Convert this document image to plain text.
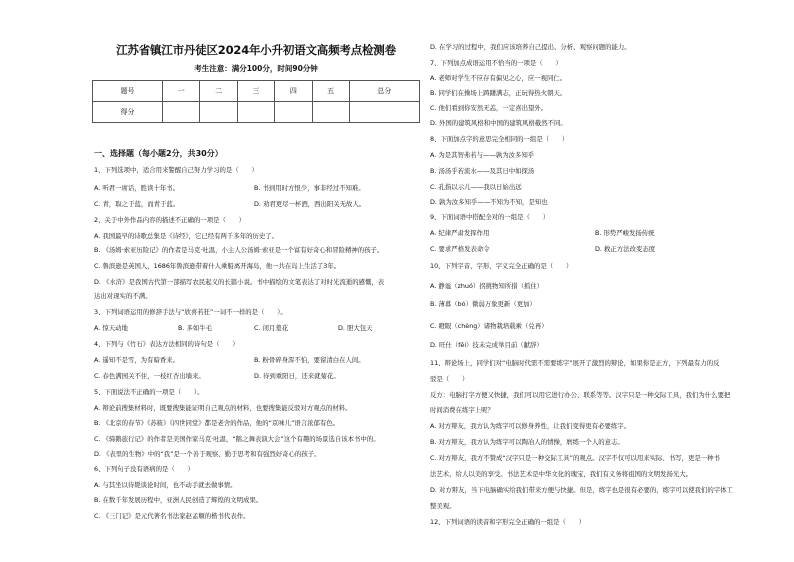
江苏省镇江市丹徒区2024年小升初语文高频考点检测卷
考生注意：满分100分，时间90分钟
题号	一	二	三	四	五	总分
得分						
一、选择题（每小题2分，共30分）
1、下列选项中，适合用来警醒自己努力学习的是（　　）
A. 听君一席话，胜读十年书。
C. 青，取之于蓝，而青于蓝。
B. 书到用时方恨少，事非经过不知难。
D. 劝君更尽一杯酒，西出阳关无故人。
2、关于中外作品内容的描述不正确的一项是（　　）
A. 我国最早的诗歌总集是《诗经》，它已经有两千多年的历史了。
B. 《汤姆·索亚历险记》的作者是马克·吐温，小主人公汤姆·索亚是一个富有好奇心和冒险精神的孩子。
C. 鲁滨逊是英国人，1686年鲁滨逊带着什人乘船离开海岛，他一共在岛上生活了3年。
D. 《水浒》是我国古代第一部描写农民起义的长篇小说。书中描绘的文笔表达了对时光流逝的感慨，表
达出对现实的不满。
3、下列词语运用的修辞手法与“欣喜若狂”一词不一样的是（　　）。
A. 惊天动地	B. 多如牛毛	C. 闭月羞花	D. 胆大包天
4、下列与《竹石》表达方法相同的诗句是（　　）
A. 遥知不是雪，为有暗香来。	B. 粉骨碎身浑不怕，要留清白在人间。
C. 春色满园关不住，一枝红杏出墙来。	D. 待到重阳日，还来就菊花。
5、下面说法不正确的一项是（　　）。
A. 辩论前搜集材料时，既要搜集能证明自己观点的材料，也要搜集能反驳对方观点的材料。
B. 《北京的春节》《苏筱》《四世同堂》都是老舍的作品，他的“京味儿”语言浓郁有色。
C. 《骑鹅旅行记》的作者是美国作家马克·吐温，“鹅之舞表演大会”这个有趣的场景选自该本书中的。
D. 《表里的生物》中的“我”是一个善于观察、勤于思考和有强烈好奇心的孩子。
6、下列句子没有语病的是（　　）
A. 与其坐以待毙谈论时间，也不动手就去做事情。
B. 在数千年发展历程中，亚洲人民创造了辉煌的文明成果。
C. 《三门记》是元代著名书法家赵孟頫的楷书代表作。
D. 在学习的过程中，我们应该培养自己提出、分析、观察问题的能力。
7、下列加点成语运用不恰当的一项是（　　）
A. 老师对学生不应存有偏见之心，应一视同仁。
B. 同学们在操场上踌躇满志，正玩得热火朝天。
C. 他们看到你安然无恙，一定喜出望外。
D. 外国的建筑风格和中国的建筑风格截然不同。
8、下面加点字的意思完全相同的一组是（　　）
A. 为是其智弗若与——孰为汝多知乎
B. 汤汤乎若流水——及其日中如探汤
C. 孔指以示儿——我以日始出远
D. 孰为汝多知乎——不知为不知，是知也
9、下面词语中搭配全对的一组是（　　）
A. 纪律严肃发挥作用	B. 形势严峻发扬传统
C. 要求严格发表命令	D. 救正方法改变态度
10、下列字音、字形、字义完全正确的是（　　）
A. 静谧（zhuó）拐挑物知所措（抓住）
B. 薄暮（bó）微弱万象更新（更加）
C. 瞪眼（chèng）诸物栽培载乘（兑再）
D. 旺仕（fěi）技未完成举目前（献辞）
11、辩论场上，同学们对“电脑时代需不需要练字”展开了激烈的辩论，如果你是正方，下列最有力的反
驳是（　　）
反方：电脑打字方便又快捷，我们可以用它进行办公、联系等等。汉字只是一种交际工具，我们为什么要把
时间消费在练字上呢？
A. 对方辩友，我方认为练字可以修身养性，让我们变得更有必要练字。
B. 对方辩友，我方认为练字可以陶冶人的情操，磨练一个人的意志。
C. 对方辩友，我方不赞成“汉字只是一种交际工具”的观点。汉字不仅可以用来实际、书写，更是一种书
法艺术，给人以美的享受。书法艺术是中华文化的瑰宝，我们有义务将祖国的文明发扬光大。
D. 对方辩友，当下电脑确实给我们带来方便与快捷。但是，练字也是很有必要的，练字可以使我们的字体工
整美观。
12、下列词语的读音和字形完全正确的一组是（　　）
